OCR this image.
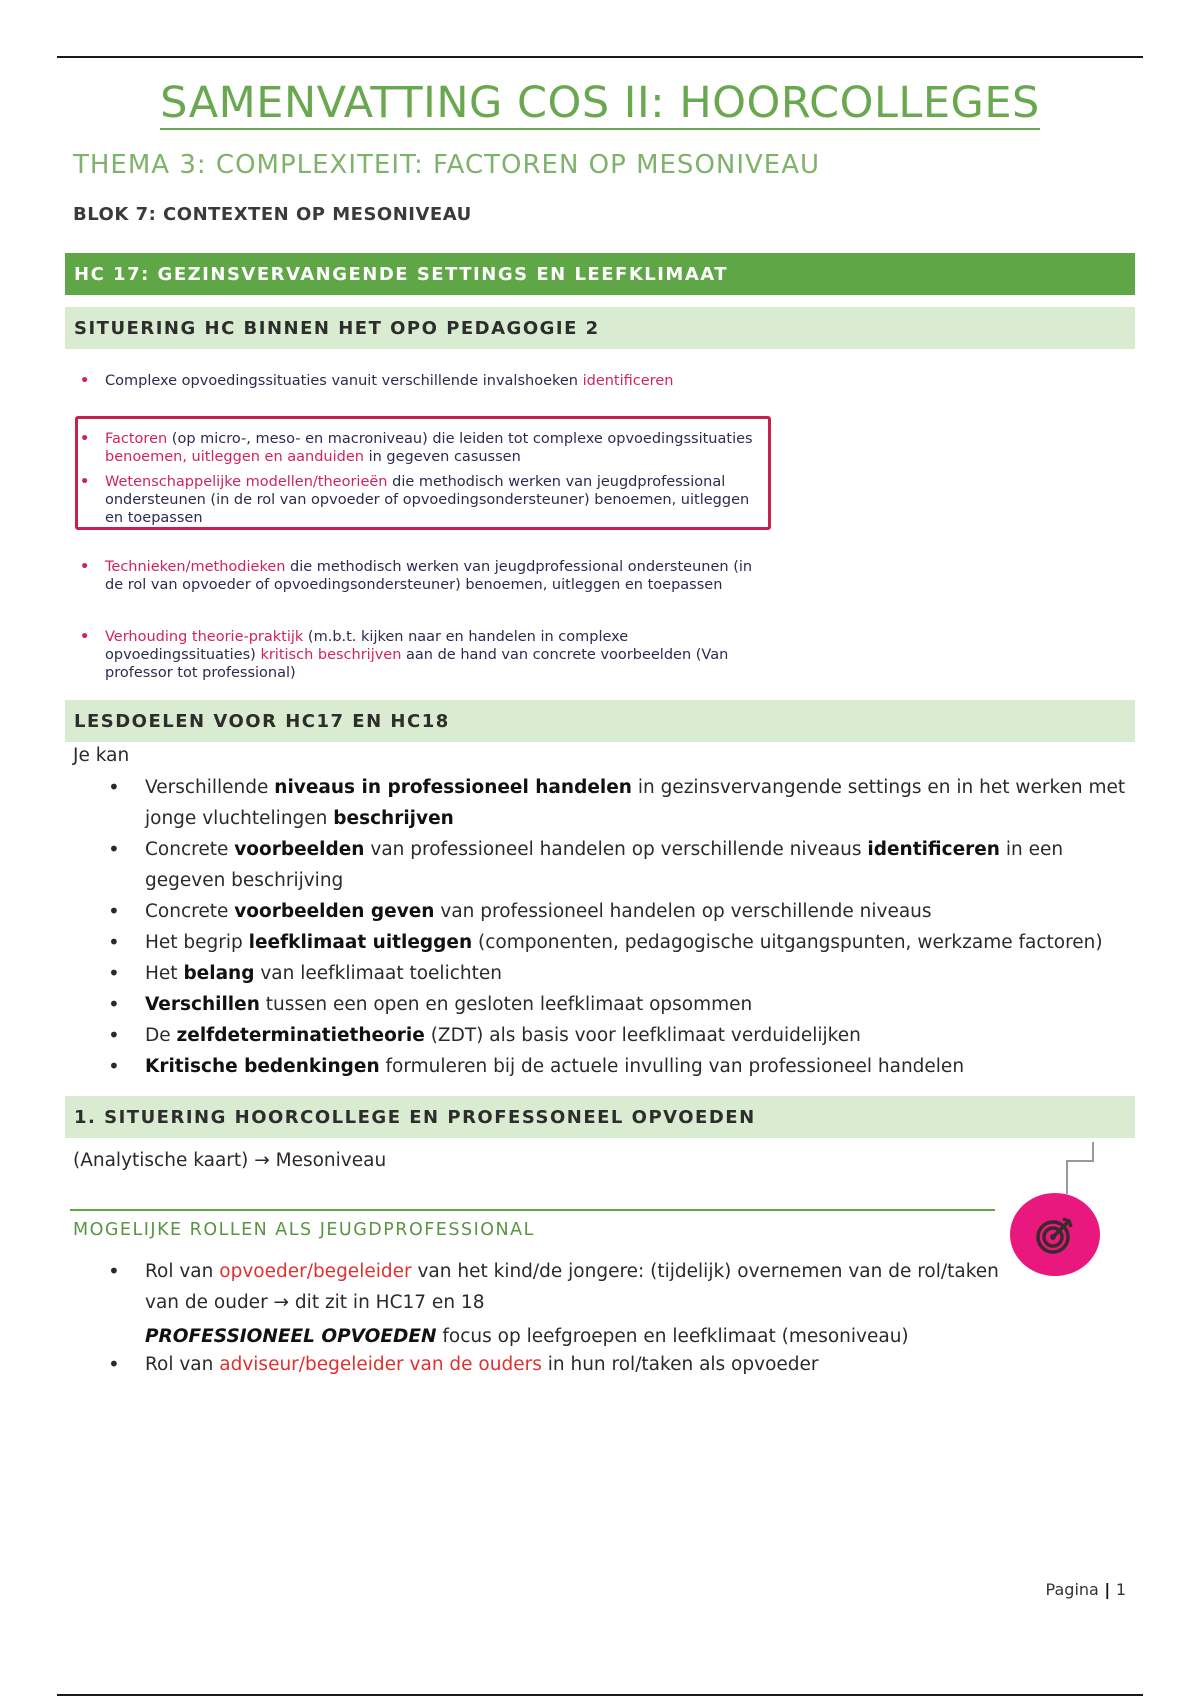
SAMENVATTING COS II: HOORCOLLEGES
THEMA 3: COMPLEXITEIT: FACTOREN OP MESONIVEAU
BLOK 7: CONTEXTEN OP MESONIVEAU
HC 17: GEZINSVERVANGENDE SETTINGS EN LEEFKLIMAAT
SITUERING HC BINNEN HET OPO PEDAGOGIE 2
• Complexe opvoedingssituaties vanuit verschillende invalshoeken identificeren
• Factoren (op micro-, meso- en macroniveau) die leiden tot complexe opvoedingssituaties benoemen, uitleggen en aanduiden in gegeven casussen
• Wetenschappelijke modellen/theorieën die methodisch werken van jeugdprofessional ondersteunen (in de rol van opvoeder of opvoedingsondersteuner) benoemen, uitleggen en toepassen
• Technieken/methodieken die methodisch werken van jeugdprofessional ondersteunen (in de rol van opvoeder of opvoedingsondersteuner) benoemen, uitleggen en toepassen
• Verhouding theorie-praktijk (m.b.t. kijken naar en handelen in complexe opvoedingssituaties) kritisch beschrijven aan de hand van concrete voorbeelden (Van professor tot professional)
LESDOELEN VOOR HC17 EN HC18
Je kan
• Verschillende niveaus in professioneel handelen in gezinsvervangende settings en in het werken met jonge vluchtelingen beschrijven
• Concrete voorbeelden van professioneel handelen op verschillende niveaus identificeren in een gegeven beschrijving
• Concrete voorbeelden geven van professioneel handelen op verschillende niveaus
• Het begrip leefklimaat uitleggen (componenten, pedagogische uitgangspunten, werkzame factoren)
• Het belang van leefklimaat toelichten
• Verschillen tussen een open en gesloten leefklimaat opsommen
• De zelfdeterminatietheorie (ZDT) als basis voor leefklimaat verduidelijken
• Kritische bedenkingen formuleren bij de actuele invulling van professioneel handelen
1. SITUERING HOORCOLLEGE EN PROFESSONEEL OPVOEDEN
(Analytische kaart) → Mesoniveau
MOGELIJKE ROLLEN ALS JEUGDPROFESSIONAL
• Rol van opvoeder/begeleider van het kind/de jongere: (tijdelijk) overnemen van de rol/taken van de ouder → dit zit in HC17 en 18
PROFESSIONEEL OPVOEDEN focus op leefgroepen en leefklimaat (mesoniveau)
• Rol van adviseur/begeleider van de ouders in hun rol/taken als opvoeder
Pagina | 1
